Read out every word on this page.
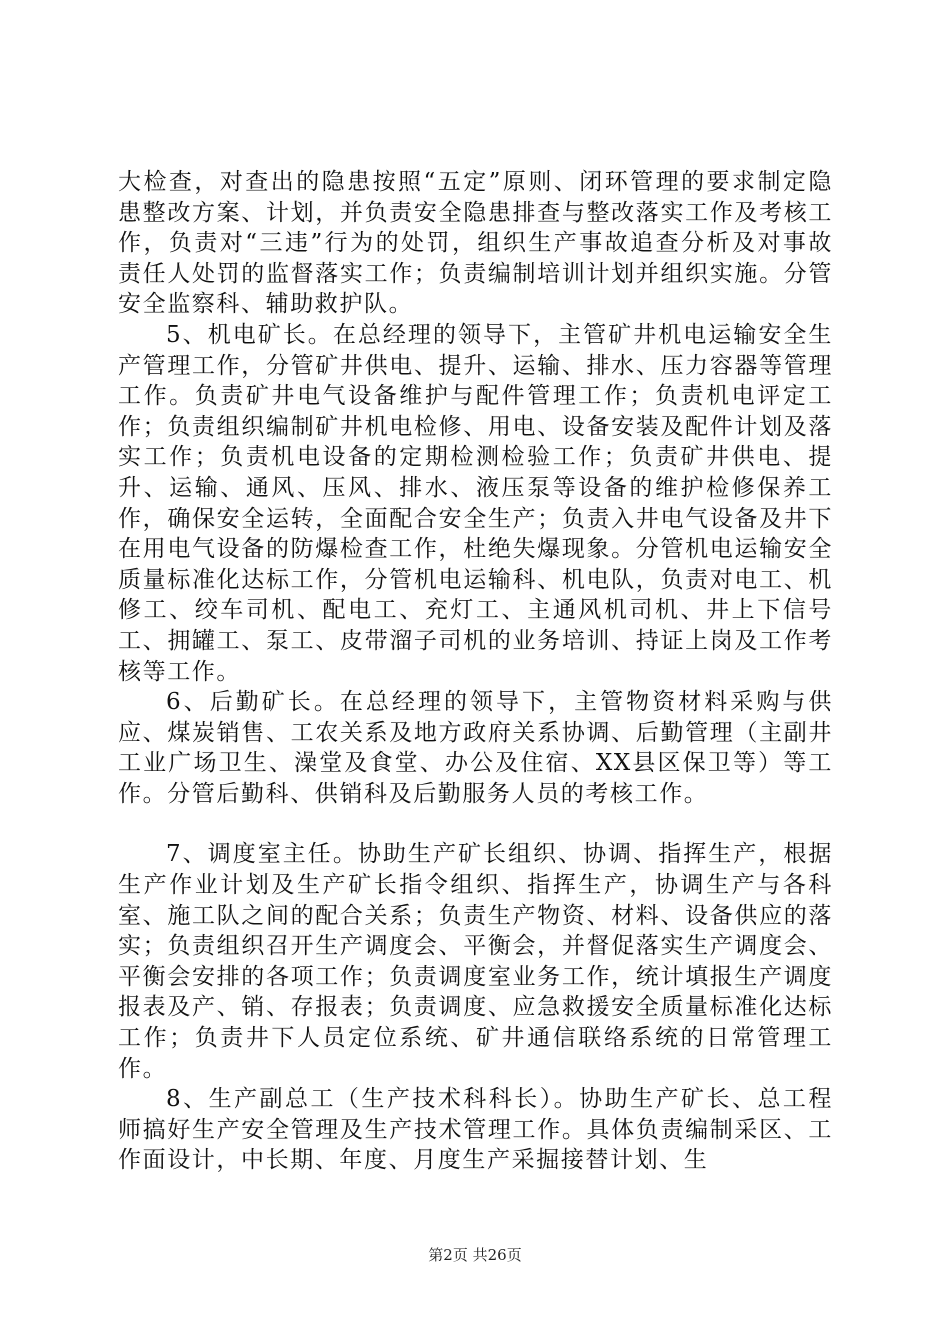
大检查，对查出的隐患按照“五定”原则、闭环管理的要求制定隐患整改方案、计划，并负责安全隐患排查与整改落实工作及考核工作，负责对“三违”行为的处罚，组织生产事故追查分析及对事故责任人处罚的监督落实工作；负责编制培训计划并组织实施。分管安全监察科、辅助救护队。

5、机电矿长。在总经理的领导下，主管矿井机电运输安全生产管理工作，分管矿井供电、提升、运输、排水、压力容器等管理工作。负责矿井电气设备维护与配件管理工作；负责机电评定工作；负责组织编制矿井机电检修、用电、设备安装及配件计划及落实工作；负责机电设备的定期检测检验工作；负责矿井供电、提升、运输、通风、压风、排水、液压泵等设备的维护检修保养工作，确保安全运转，全面配合安全生产；负责入井电气设备及井下在用电气设备的防爆检查工作，杜绝失爆现象。分管机电运输安全质量标准化达标工作，分管机电运输科、机电队，负责对电工、机修工、绞车司机、配电工、充灯工、主通风机司机、井上下信号工、拥罐工、泵工、皮带溜子司机的业务培训、持证上岗及工作考核等工作。

6、后勤矿长。在总经理的领导下，主管物资材料采购与供应、煤炭销售、工农关系及地方政府关系协调、后勤管理（主副井工业广场卫生、澡堂及食堂、办公及住宿、XX县区保卫等）等工作。分管后勤科、供销科及后勤服务人员的考核工作。

7、调度室主任。协助生产矿长组织、协调、指挥生产，根据生产作业计划及生产矿长指令组织、指挥生产，协调生产与各科室、施工队之间的配合关系；负责生产物资、材料、设备供应的落实；负责组织召开生产调度会、平衡会，并督促落实生产调度会、平衡会安排的各项工作；负责调度室业务工作，统计填报生产调度报表及产、销、存报表；负责调度、应急救援安全质量标准化达标工作；负责井下人员定位系统、矿井通信联络系统的日常管理工作。

8、生产副总工（生产技术科科长）。协助生产矿长、总工程师搞好生产安全管理及生产技术管理工作。具体负责编制采区、工作面设计，中长期、年度、月度生产采掘接替计划、生

第2页 共26页
